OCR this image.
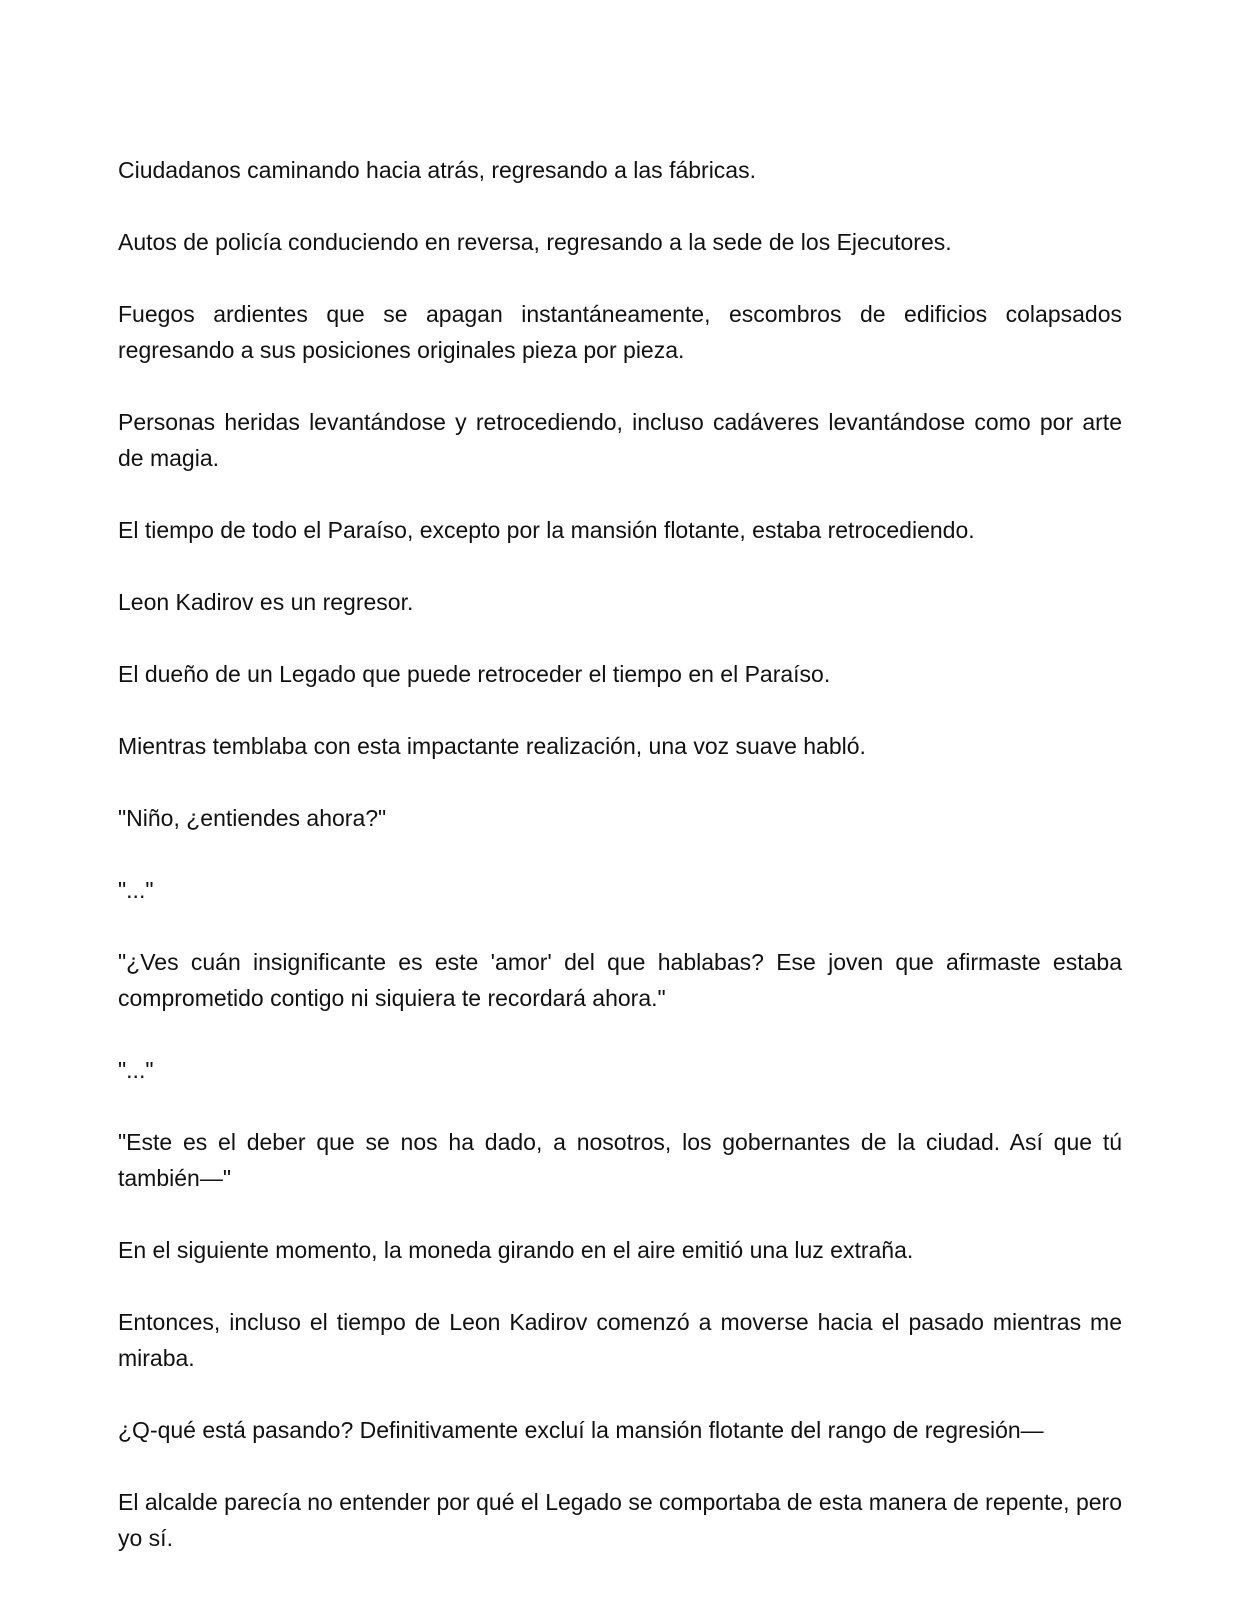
Ciudadanos caminando hacia atrás, regresando a las fábricas.

Autos de policía conduciendo en reversa, regresando a la sede de los Ejecutores.

Fuegos ardientes que se apagan instantáneamente, escombros de edificios colapsados regresando a sus posiciones originales pieza por pieza.

Personas heridas levantándose y retrocediendo, incluso cadáveres levantándose como por arte de magia.

El tiempo de todo el Paraíso, excepto por la mansión flotante, estaba retrocediendo.

Leon Kadirov es un regresor.

El dueño de un Legado que puede retroceder el tiempo en el Paraíso.

Mientras temblaba con esta impactante realización, una voz suave habló.

"Niño, ¿entiendes ahora?"

"..."

"¿Ves cuán insignificante es este 'amor' del que hablabas? Ese joven que afirmaste estaba comprometido contigo ni siquiera te recordará ahora."

"..."

"Este es el deber que se nos ha dado, a nosotros, los gobernantes de la ciudad. Así que tú también—"

En el siguiente momento, la moneda girando en el aire emitió una luz extraña.

Entonces, incluso el tiempo de Leon Kadirov comenzó a moverse hacia el pasado mientras me miraba.

¿Q-qué está pasando? Definitivamente excluí la mansión flotante del rango de regresión—

El alcalde parecía no entender por qué el Legado se comportaba de esta manera de repente, pero yo sí.
